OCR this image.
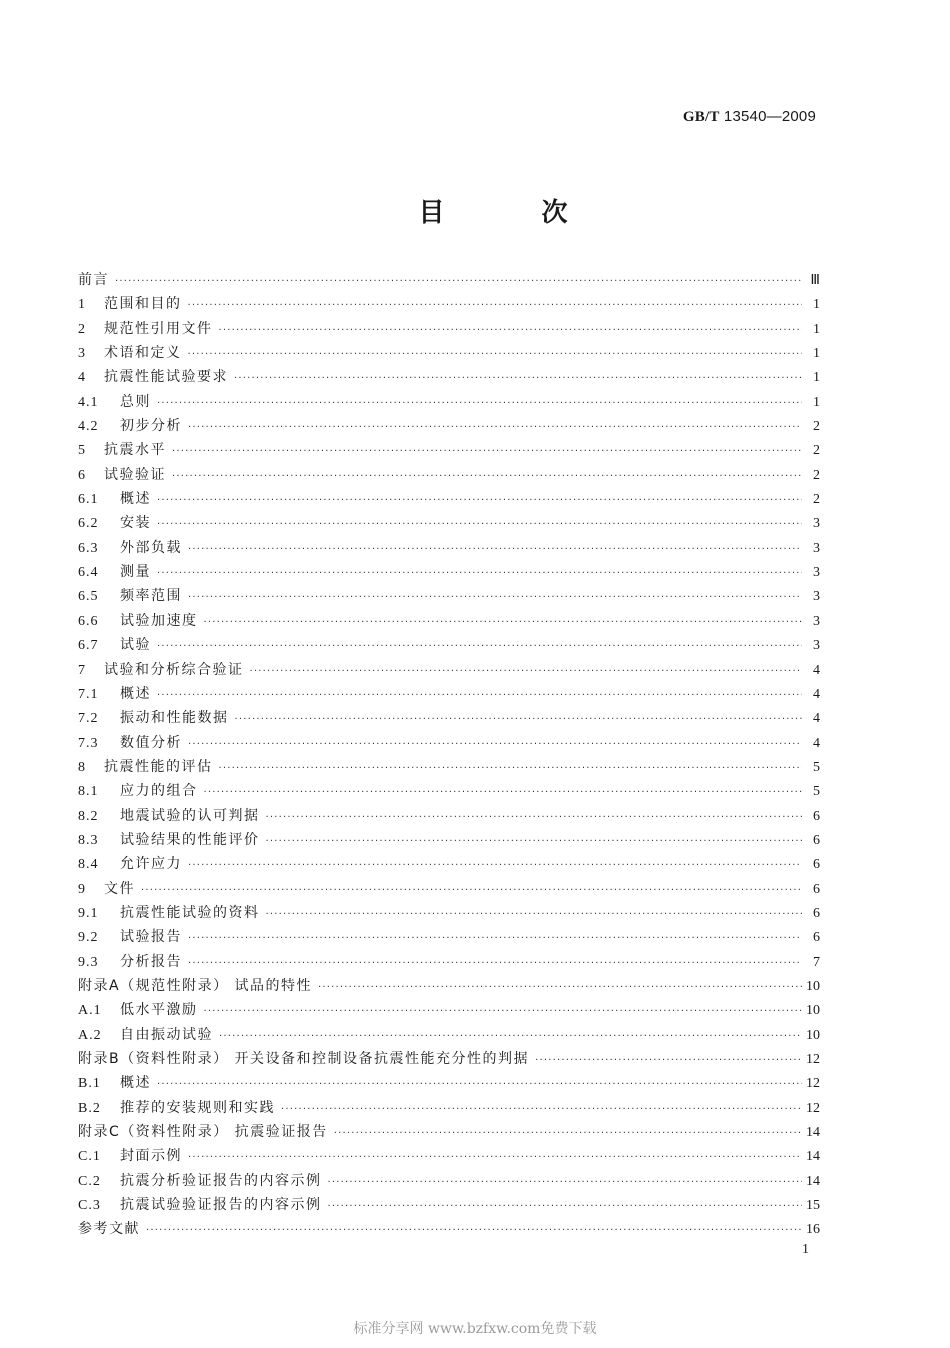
GB/T 13540—2009
目 次
前言 ·····	Ⅲ
1	范围和目的 ·····	1
2	规范性引用文件 ·····	1
3	术语和定义 ·····	1
4	抗震性能试验要求 ·····	1
4.1	总则 ·····	1
4.2	初步分析 ·····	2
5	抗震水平 ·····	2
6	试验验证 ·····	2
6.1	概述 ·····	2
6.2	安装 ·····	3
6.3	外部负载 ·····	3
6.4	测量 ·····	3
6.5	频率范围 ·····	3
6.6	试验加速度 ·····	3
6.7	试验 ·····	3
7	试验和分析综合验证 ·····	4
7.1	概述 ·····	4
7.2	振动和性能数据 ·····	4
7.3	数值分析 ·····	4
8	抗震性能的评估 ·····	5
8.1	应力的组合 ·····	5
8.2	地震试验的认可判据 ·····	6
8.3	试验结果的性能评价 ·····	6
8.4	允许应力 ·····	6
9	文件 ·····	6
9.1	抗震性能试验的资料 ·····	6
9.2	试验报告 ·····	6
9.3	分析报告 ·····	7
附录A（规范性附录） 试品的特性 ·····	10
A.1	低水平激励 ·····	10
A.2	自由振动试验 ·····	10
附录B（资料性附录） 开关设备和控制设备抗震性能充分性的判据 ·····	12
B.1	概述 ·····	12
B.2	推荐的安装规则和实践 ·····	12
附录C（资料性附录） 抗震验证报告 ·····	14
C.1	封面示例 ·····	14
C.2	抗震分析验证报告的内容示例 ·····	14
C.3	抗震试验验证报告的内容示例 ·····	15
参考文献 ·····	16
1
标准分享网 www.bzfxw.com免费下载
